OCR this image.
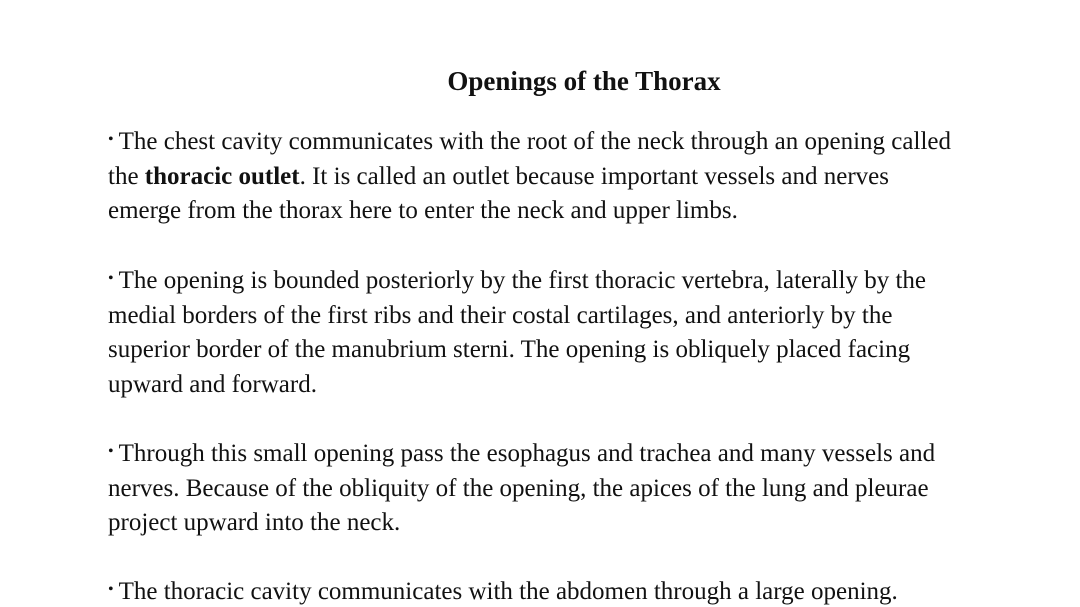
Openings of the Thorax

• The chest cavity communicates with the root of the neck through an opening called
the thoracic outlet. It is called an outlet because important vessels and nerves
emerge from the thorax here to enter the neck and upper limbs.

• The opening is bounded posteriorly by the first thoracic vertebra, laterally by the
medial borders of the first ribs and their costal cartilages, and anteriorly by the
superior border of the manubrium sterni. The opening is obliquely placed facing
upward and forward.

• Through this small opening pass the esophagus and trachea and many vessels and
nerves. Because of the obliquity of the opening, the apices of the lung and pleurae
project upward into the neck.

• The thoracic cavity communicates with the abdomen through a large opening.
